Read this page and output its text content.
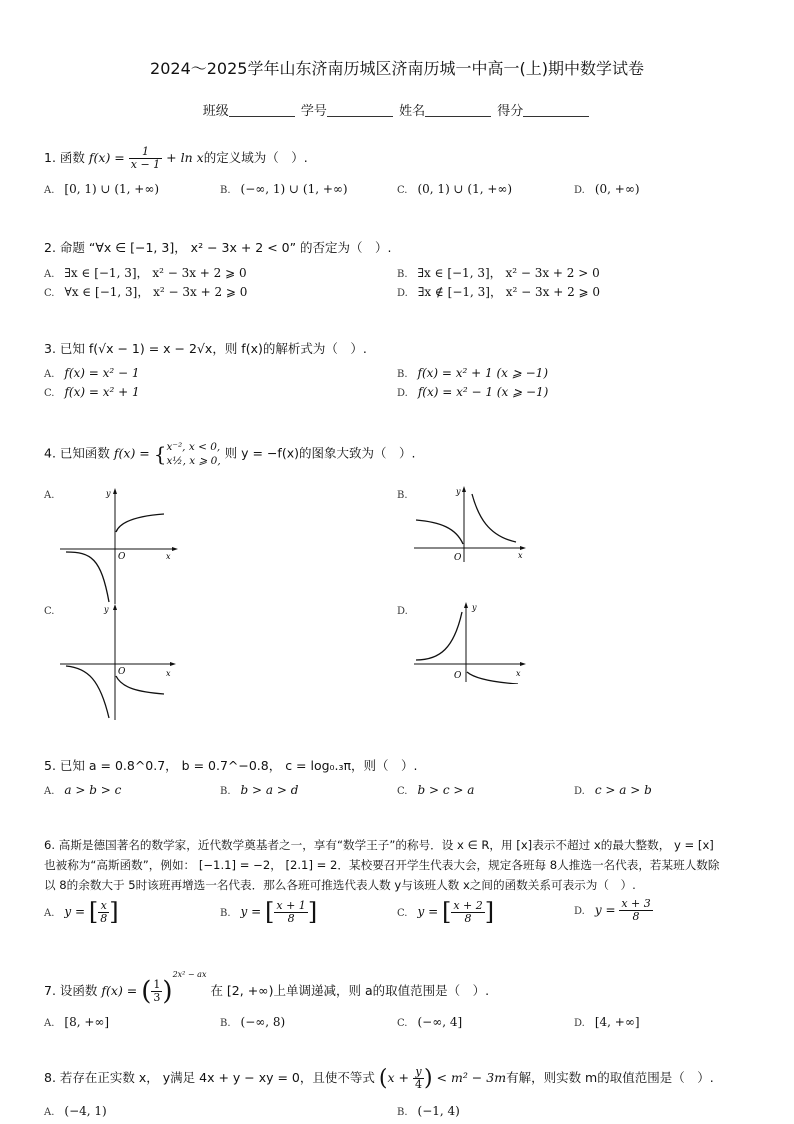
2024～2025学年山东济南历城区济南历城一中高一(上)期中数学试卷
班级	学号	姓名	得分
1. 函数 $f(x) = \frac{1}{x - 1} + \ln x$的定义域为（　）.
A. [0, 1) ∪ (1, +∞)	B. (−∞, 1) ∪ (1, +∞)	C. (0, 1) ∪ (1, +∞)	D. (0, +∞)
2. 命题 “∀x ∈ [−1, 3]， x² − 3x + 2 < 0” 的否定为（　）.
A. ∃x ∈ [−1, 3]， x² − 3x + 2 ⩾ 0	B. ∃x ∈ [−1, 3]， x² − 3x + 2 > 0
C. ∀x ∈ [−1, 3]， x² − 3x + 2 ⩾ 0	D. ∃x ∉ [−1, 3]， x² − 3x + 2 ⩾ 0
3. 已知 f(√x − 1) = x − 2√x，则 f(x)的解析式为（　）.
A. f(x) = x² − 1	B. f(x) = x² + 1 (x ⩾ −1)
C. f(x) = x² + 1	D. f(x) = x² − 1 (x ⩾ −1)
4. 已知函数 f(x) = { x⁻², x < 0,
x½, x ⩾ 0,
则 y = −f(x)的图象大致为（　）.
A.	y
x
O
B.	y
x
O
C.	y
x
O
D.	y
x
O
5. 已知 a = 0.8^0.7， b = 0.7^−0.8， c = log₀.₃π，则（　）.
A. a > b > c	B. b > a > d	C. b > c > a	D. c > a > b
6. 高斯是德国著名的数学家，近代数学奠基者之一，享有“数学王子”的称号．设 x ∈ R，用 [x]表示不超过 x的最大整数， y = [x]
也被称为“高斯函数”，例如： [−1.1] = −2， [2.1] = 2．某校要召开学生代表大会，规定各班每 8人推选一名代表，若某班人数除
以 8的余数大于 5时该班再增选一名代表．那么各班可推选代表人数 y与该班人数 x之间的函数关系可表示为（　）.
A. y = [ $\frac{x}{8}$ ]	B. y = [ $\frac{x + 1}{8}$ ]	C. y = [ $\frac{x + 2}{8}$ ]	D. $y = \frac{x + 3}{8}$
7. 设函数 f(x) = ( $\frac{1}{3} )^{2x^2 - ax}$ 在 [2, +∞)上单调递减，则 a的取值范围是（　）.
A. [8, +∞]	B. (−∞, 8)	C. (−∞, 4]	D. [4, +∞]
8. 若存在正实数 x， y满足 4x + y − xy = 0，且使不等式 ($x + \frac{y}{4}$ ) < m² − 3m有解，则实数 m的取值范围是（　）.
A. (−4, 1)	B. (−1, 4)
